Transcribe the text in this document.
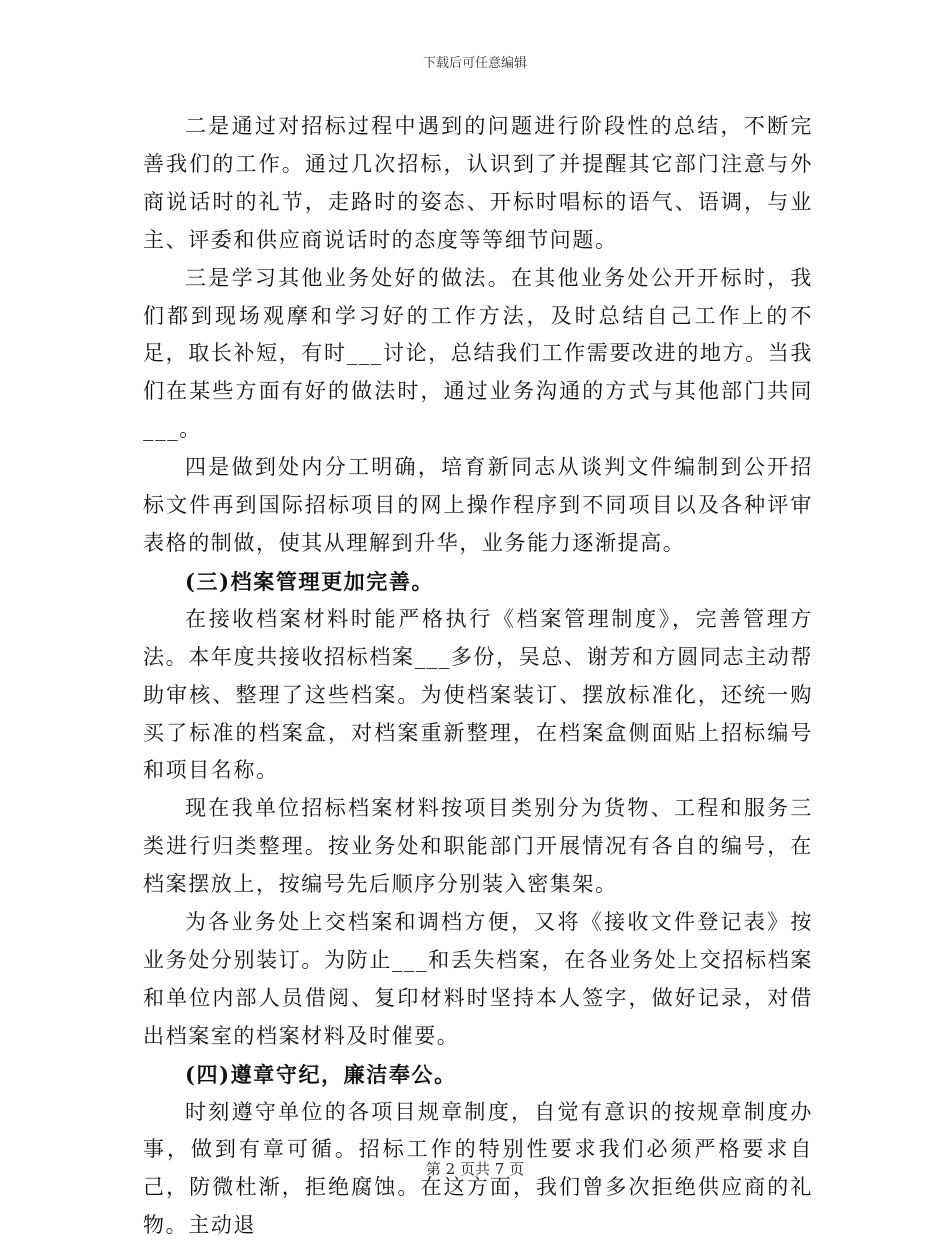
下载后可任意编辑

二是通过对招标过程中遇到的问题进行阶段性的总结，不断完善我们的工作。通过几次招标，认识到了并提醒其它部门注意与外商说话时的礼节，走路时的姿态、开标时唱标的语气、语调，与业主、评委和供应商说话时的态度等等细节问题。

三是学习其他业务处好的做法。在其他业务处公开开标时，我们都到现场观摩和学习好的工作方法，及时总结自己工作上的不足，取长补短，有时___讨论，总结我们工作需要改进的地方。当我们在某些方面有好的做法时，通过业务沟通的方式与其他部门共同___。

四是做到处内分工明确，培育新同志从谈判文件编制到公开招标文件再到国际招标项目的网上操作程序到不同项目以及各种评审表格的制做，使其从理解到升华，业务能力逐渐提高。

(三)档案管理更加完善。

在接收档案材料时能严格执行《档案管理制度》，完善管理方法。本年度共接收招标档案___多份，吴总、谢芳和方圆同志主动帮助审核、整理了这些档案。为使档案装订、摆放标准化，还统一购买了标准的档案盒，对档案重新整理，在档案盒侧面贴上招标编号和项目名称。

现在我单位招标档案材料按项目类别分为货物、工程和服务三类进行归类整理。按业务处和职能部门开展情况有各自的编号，在档案摆放上，按编号先后顺序分别装入密集架。

为各业务处上交档案和调档方便，又将《接收文件登记表》按业务处分别装订。为防止___和丢失档案，在各业务处上交招标档案和单位内部人员借阅、复印材料时坚持本人签字，做好记录，对借出档案室的档案材料及时催要。

(四)遵章守纪，廉洁奉公。

时刻遵守单位的各项目规章制度，自觉有意识的按规章制度办事，做到有章可循。招标工作的特别性要求我们必须严格要求自己，防微杜渐，拒绝腐蚀。在这方面，我们曾多次拒绝供应商的礼物。主动退

第 2 页共 7 页
